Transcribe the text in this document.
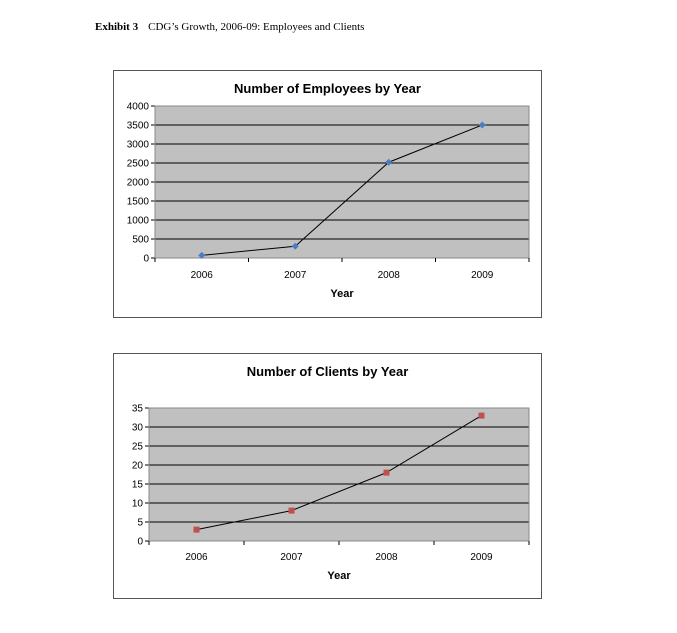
Exhibit 3 CDG’s Growth, 2006-09: Employees and Clients
Number of Employees by Year
0
500
1000
1500
2000
2500
3000
3500
4000
2006	2007	2008	2009
Year
Number of Clients by Year
0
5
10
15
20
25
30
35
2006	2007	2008	2009
Year
